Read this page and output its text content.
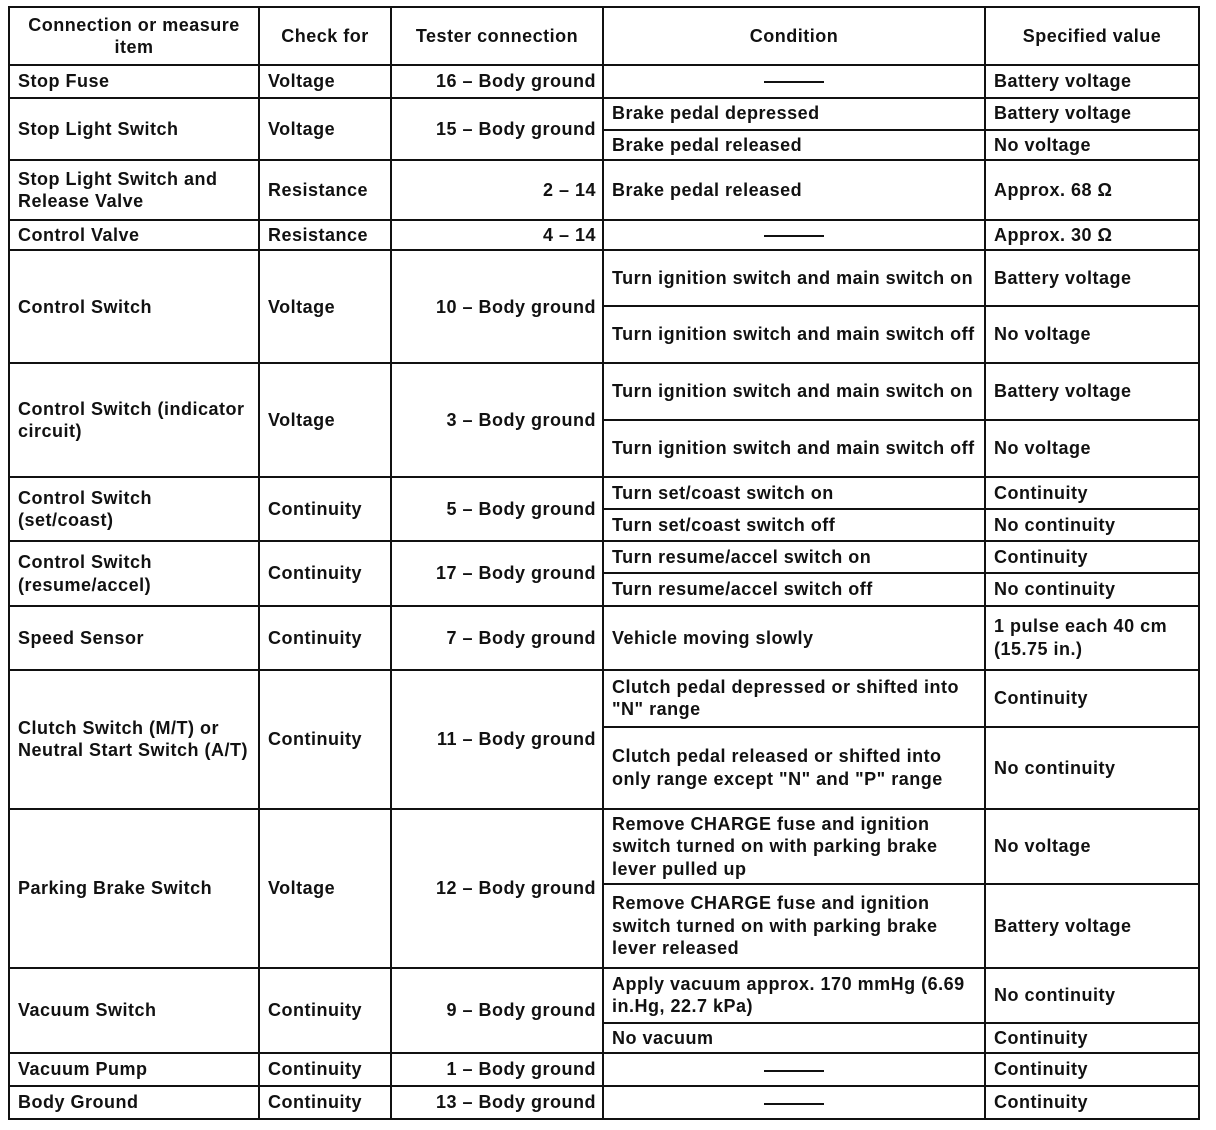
Connection or measure item	Check for	Tester connection	Condition	Specified value
Stop Fuse	Voltage	16 – Body ground		Battery voltage
Stop Light Switch	Voltage	15 – Body ground	Brake pedal depressed	Battery voltage
			Brake pedal released	No voltage
Stop Light Switch and Release Valve	Resistance	2 – 14	Brake pedal released	Approx. 68 Ω
Control Valve	Resistance	4 – 14		Approx. 30 Ω
Control Switch	Voltage	10 – Body ground	Turn ignition switch and main switch on	Battery voltage
			Turn ignition switch and main switch off	No voltage
Control Switch (indicator circuit)	Voltage	3 – Body ground	Turn ignition switch and main switch on	Battery voltage
			Turn ignition switch and main switch off	No voltage
Control Switch (set/coast)	Continuity	5 – Body ground	Turn set/coast switch on	Continuity
			Turn set/coast switch off	No continuity
Control Switch (resume/accel)	Continuity	17 – Body ground	Turn resume/accel switch on	Continuity
			Turn resume/accel switch off	No continuity
Speed Sensor	Continuity	7 – Body ground	Vehicle moving slowly	1 pulse each 40 cm (15.75 in.)
Clutch Switch (M/T) or Neutral Start Switch (A/T)	Continuity	11 – Body ground	Clutch pedal depressed or shifted into "N" range	Continuity
			Clutch pedal released or shifted into only range except "N" and "P" range	No continuity
Parking Brake Switch	Voltage	12 – Body ground	Remove CHARGE fuse and ignition switch turned on with parking brake lever pulled up	No voltage
			Remove CHARGE fuse and ignition switch turned on with parking brake lever released	Battery voltage
Vacuum Switch	Continuity	9 – Body ground	Apply vacuum approx. 170 mmHg (6.69 in.Hg, 22.7 kPa)	No continuity
			No vacuum	Continuity
Vacuum Pump	Continuity	1 – Body ground		Continuity
Body Ground	Continuity	13 – Body ground		Continuity
